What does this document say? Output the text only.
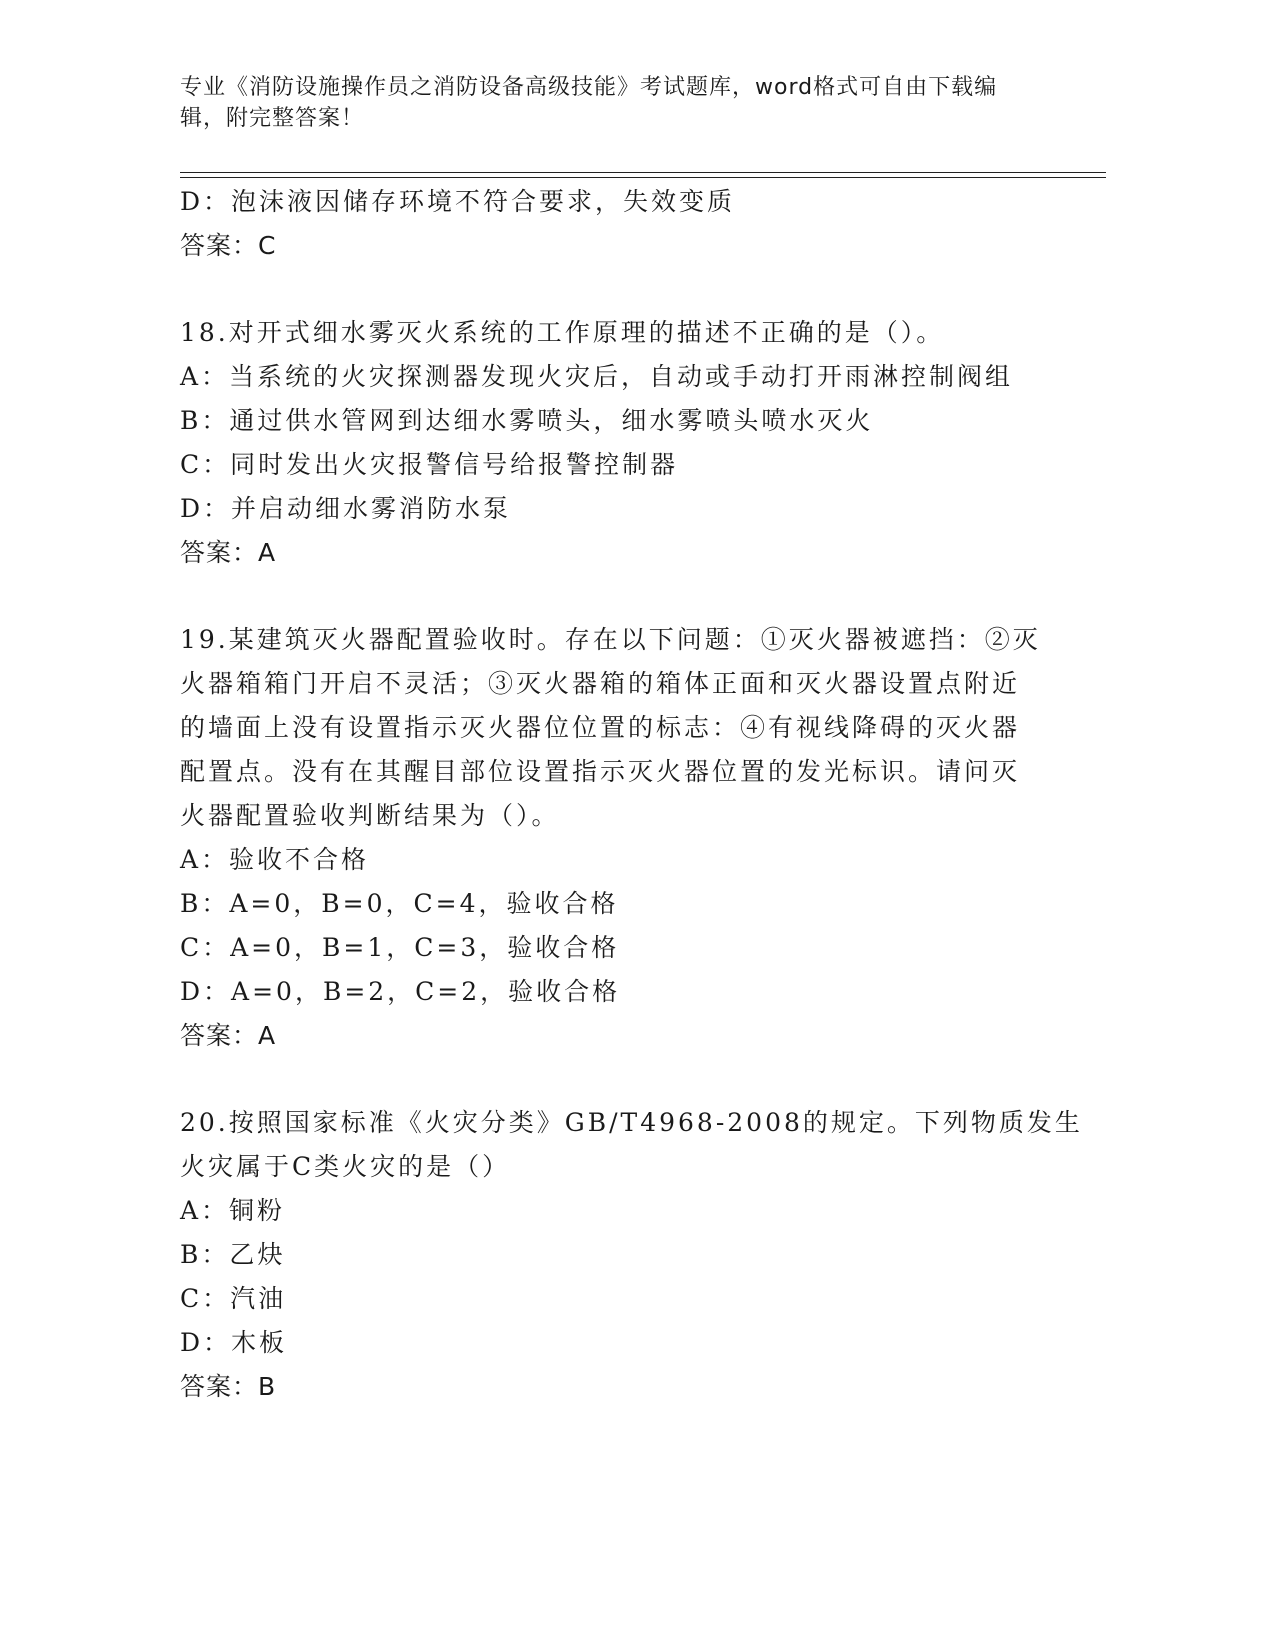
专业《消防设施操作员之消防设备高级技能》考试题库，word格式可自由下载编辑，附完整答案！
D：泡沫液因储存环境不符合要求，失效变质
答案：C
18.对开式细水雾灭火系统的工作原理的描述不正确的是（）。
A：当系统的火灾探测器发现火灾后，自动或手动打开雨淋控制阀组
B：通过供水管网到达细水雾喷头，细水雾喷头喷水灭火
C：同时发出火灾报警信号给报警控制器
D：并启动细水雾消防水泵
答案：A
19.某建筑灭火器配置验收时。存在以下问题：①灭火器被遮挡：②灭
火器箱箱门开启不灵活；③灭火器箱的箱体正面和灭火器设置点附近
的墙面上没有设置指示灭火器位位置的标志：④有视线降碍的灭火器
配置点。没有在其醒目部位设置指示灭火器位置的发光标识。请问灭
火器配置验收判断结果为（）。
A：验收不合格
B：A=0，B=0，C=4，验收合格
C：A=0，B=1，C=3，验收合格
D：A=0，B=2，C=2，验收合格
答案：A
20.按照国家标准《火灾分类》GB/T4968-2008的规定。下列物质发生
火灾属于C类火灾的是（）
A：铜粉
B：乙炔
C：汽油
D：木板
答案：B
